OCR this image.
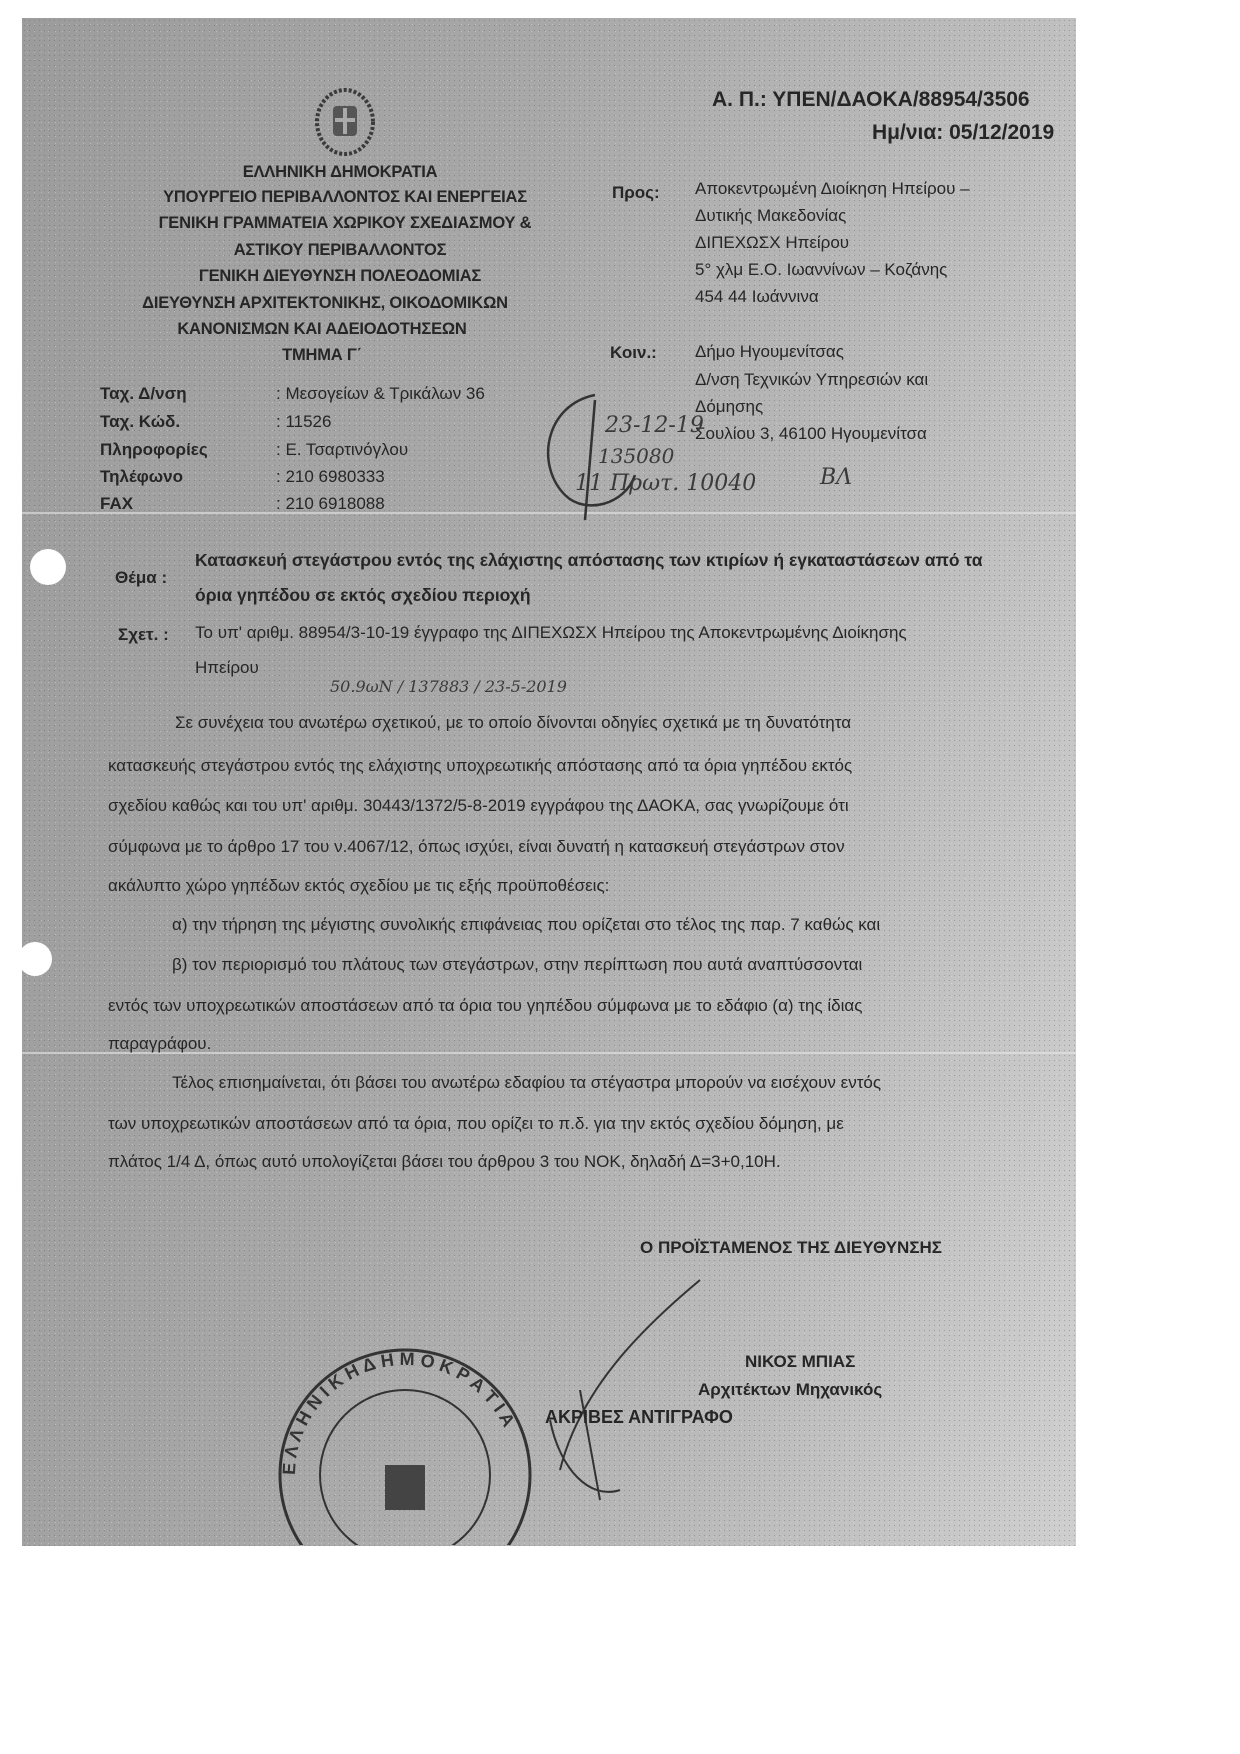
Α. Π.: ΥΠΕΝ/ΔΑΟΚΑ/88954/3506
Ημ/νια: 05/12/2019
ΕΛΛΗΝΙΚΗ ΔΗΜΟΚΡΑΤΙΑ
ΥΠΟΥΡΓΕΙΟ ΠΕΡΙΒΑΛΛΟΝΤΟΣ ΚΑΙ ΕΝΕΡΓΕΙΑΣ
ΓΕΝΙΚΗ ΓΡΑΜΜΑΤΕΙΑ ΧΩΡΙΚΟΥ ΣΧΕΔΙΑΣΜΟΥ &
ΑΣΤΙΚΟΥ ΠΕΡΙΒΑΛΛΟΝΤΟΣ
ΓΕΝΙΚΗ ΔΙΕΥΘΥΝΣΗ ΠΟΛΕΟΔΟΜΙΑΣ
ΔΙΕΥΘΥΝΣΗ ΑΡΧΙΤΕΚΤΟΝΙΚΗΣ, ΟΙΚΟΔΟΜΙΚΩΝ
ΚΑΝΟΝΙΣΜΩΝ ΚΑΙ ΑΔΕΙΟΔΟΤΗΣΕΩΝ
ΤΜΗΜΑ Γ΄
Προς: Αποκεντρωμένη Διοίκηση Ηπείρου –
Δυτικής Μακεδονίας
ΔΙΠΕΧΩΣΧ Ηπείρου
5° χλμ Ε.Ο. Ιωαννίνων – Κοζάνης
454 44 Ιωάννινα
Κοιν.: Δήμο Ηγουμενίτσας
Δ/νση Τεχνικών Υπηρεσιών και
Δόμησης
Σουλίου 3, 46100 Ηγουμενίτσα
Ταχ. Δ/νση	: Μεσογείων & Τρικάλων 36
Ταχ. Κώδ.	: 11526
Πληροφορίες	: Ε. Τσαρτινόγλου
Τηλέφωνο	: 210 6980333
FAX	: 210 6918088
23-12-19
135080
11 Πρωτ. 10040	ΒΛ
Θέμα :
Κατασκευή στεγάστρου εντός της ελάχιστης απόστασης των κτιρίων ή εγκαταστάσεων από τα
όρια γηπέδου σε εκτός σχεδίου περιοχή
Σχετ. : Το υπ' αριθμ. 88954/3-10-19 έγγραφο της ΔΙΠΕΧΩΣΧ Ηπείρου της Αποκεντρωμένης Διοίκησης
Ηπείρου
50.9ωΝ / 137883 / 23-5-2019
Σε συνέχεια του ανωτέρω σχετικού, με το οποίο δίνονται οδηγίες σχετικά με τη δυνατότητα
κατασκευής στεγάστρου εντός της ελάχιστης υποχρεωτικής απόστασης από τα όρια γηπέδου εκτός
σχεδίου καθώς και του υπ' αριθμ. 30443/1372/5-8-2019 εγγράφου της ΔΑΟΚΑ, σας γνωρίζουμε ότι
σύμφωνα με το άρθρο 17 του ν.4067/12, όπως ισχύει, είναι δυνατή η κατασκευή στεγάστρων στον
ακάλυπτο χώρο γηπέδων εκτός σχεδίου με τις εξής προϋποθέσεις:
α) την τήρηση της μέγιστης συνολικής επιφάνειας που ορίζεται στο τέλος της παρ. 7 καθώς και
β) τον περιορισμό του πλάτους των στεγάστρων, στην περίπτωση που αυτά αναπτύσσονται
εντός των υποχρεωτικών αποστάσεων από τα όρια του γηπέδου σύμφωνα με το εδάφιο (α) της ίδιας
παραγράφου.
Τέλος επισημαίνεται, ότι βάσει του ανωτέρω εδαφίου τα στέγαστρα μπορούν να εισέχουν εντός
των υποχρεωτικών αποστάσεων από τα όρια, που ορίζει το π.δ. για την εκτός σχεδίου δόμηση, με
πλάτος 1/4 Δ, όπως αυτό υπολογίζεται βάσει του άρθρου 3 του ΝΟΚ, δηλαδή Δ=3+0,10Η.
Ο ΠΡΟΪΣΤΑΜΕΝΟΣ ΤΗΣ ΔΙΕΥΘΥΝΣΗΣ
ΝΙΚΟΣ ΜΠΙΑΣ
Αρχιτέκτων Μηχανικός
ΑΚΡΙΒΕΣ ΑΝΤΙΓΡΑΦΟ
Ε Λ Λ Η Ν Ι Κ Η Δ Η Μ Ο Κ Ρ Α Τ Ι Α
